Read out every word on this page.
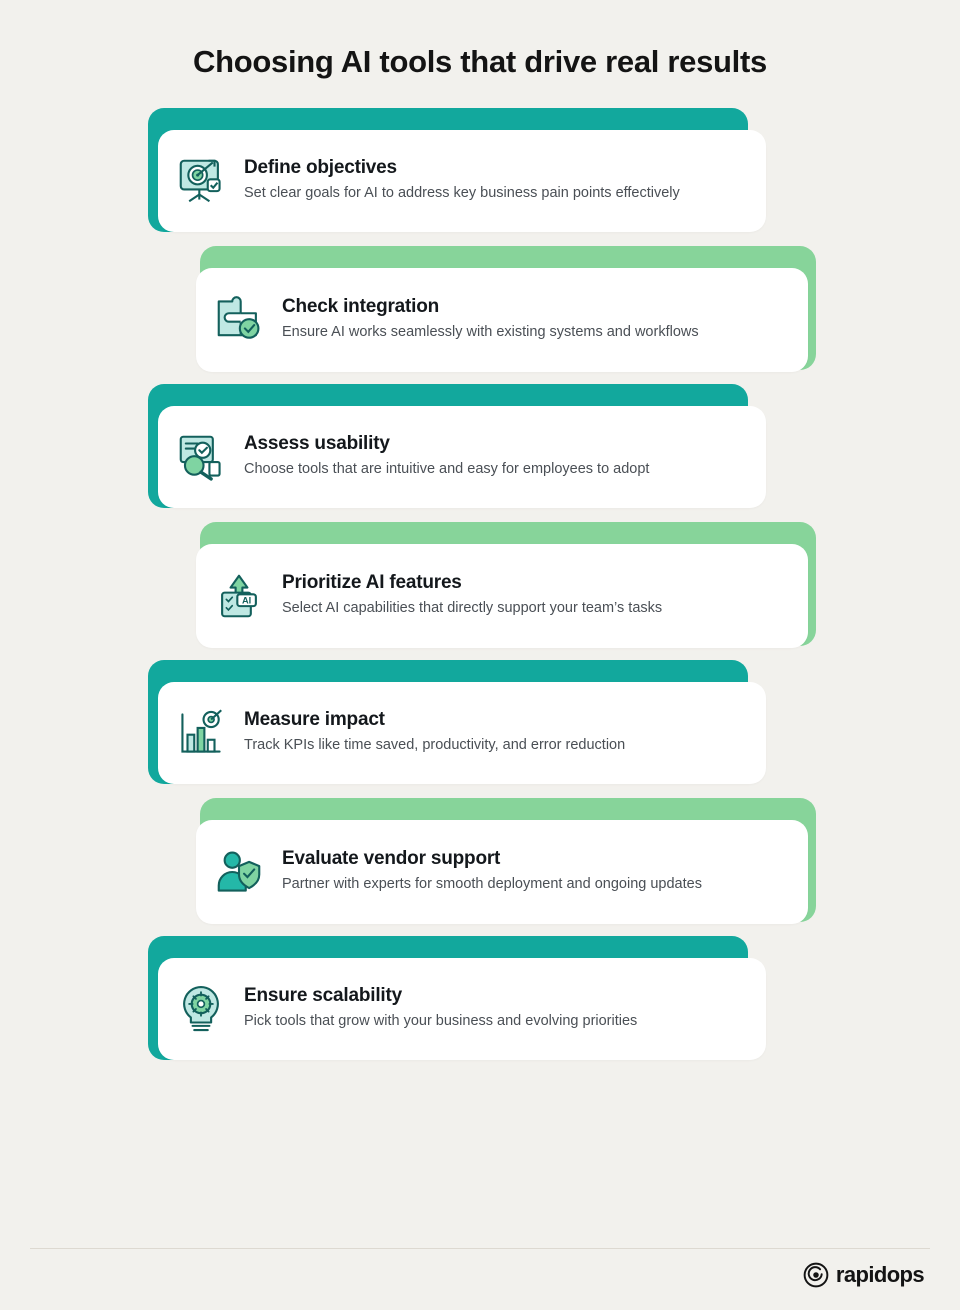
Choosing AI tools that drive real results

Define objectives

Set clear goals for AI to address key business pain points effectively

Check integration

Ensure AI works seamlessly with existing systems and workflows

Assess usability

Choose tools that are intuitive and easy for employees to adopt

AI

Prioritize AI features

Select AI capabilities that directly support your team’s tasks

Measure impact

Track KPIs like time saved, productivity, and error reduction

Evaluate vendor support

Partner with experts for smooth deployment and ongoing updates

Ensure scalability

Pick tools that grow with your business and evolving priorities

rapidops
